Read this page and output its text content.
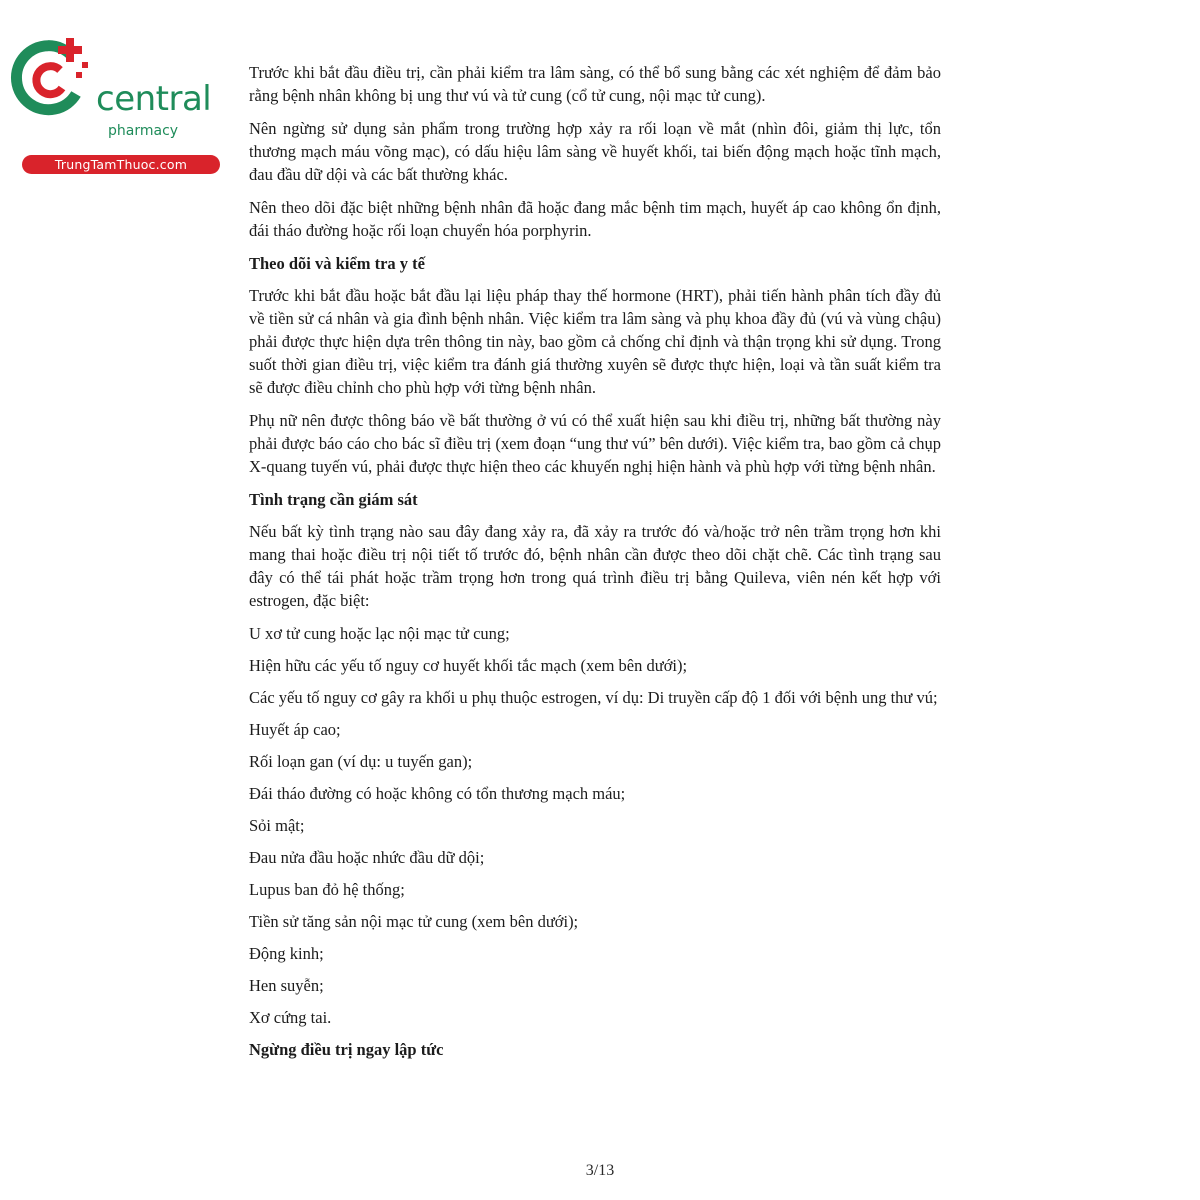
central
pharmacy
TrungTamThuoc.com

Trước khi bắt đầu điều trị, cần phải kiểm tra lâm sàng, có thể bổ sung bằng các xét nghiệm để đảm bảo rằng bệnh nhân không bị ung thư vú và tử cung (cổ tử cung, nội mạc tử cung).

Nên ngừng sử dụng sản phẩm trong trường hợp xảy ra rối loạn về mắt (nhìn đôi, giảm thị lực, tổn thương mạch máu võng mạc), có dấu hiệu lâm sàng về huyết khối, tai biến động mạch hoặc tĩnh mạch, đau đầu dữ dội và các bất thường khác.

Nên theo dõi đặc biệt những bệnh nhân đã hoặc đang mắc bệnh tim mạch, huyết áp cao không ổn định, đái tháo đường hoặc rối loạn chuyển hóa porphyrin.

Theo dõi và kiểm tra y tế

Trước khi bắt đầu hoặc bắt đầu lại liệu pháp thay thế hormone (HRT), phải tiến hành phân tích đầy đủ về tiền sử cá nhân và gia đình bệnh nhân. Việc kiểm tra lâm sàng và phụ khoa đầy đủ (vú và vùng chậu) phải được thực hiện dựa trên thông tin này, bao gồm cả chống chỉ định và thận trọng khi sử dụng. Trong suốt thời gian điều trị, việc kiểm tra đánh giá thường xuyên sẽ được thực hiện, loại và tần suất kiểm tra sẽ được điều chỉnh cho phù hợp với từng bệnh nhân.

Phụ nữ nên được thông báo về bất thường ở vú có thể xuất hiện sau khi điều trị, những bất thường này phải được báo cáo cho bác sĩ điều trị (xem đoạn “ung thư vú” bên dưới). Việc kiểm tra, bao gồm cả chụp X-quang tuyến vú, phải được thực hiện theo các khuyến nghị hiện hành và phù hợp với từng bệnh nhân.

Tình trạng cần giám sát

Nếu bất kỳ tình trạng nào sau đây đang xảy ra, đã xảy ra trước đó và/hoặc trở nên trầm trọng hơn khi mang thai hoặc điều trị nội tiết tố trước đó, bệnh nhân cần được theo dõi chặt chẽ. Các tình trạng sau đây có thể tái phát hoặc trầm trọng hơn trong quá trình điều trị bằng Quileva, viên nén kết hợp với estrogen, đặc biệt:

U xơ tử cung hoặc lạc nội mạc tử cung;

Hiện hữu các yếu tố nguy cơ huyết khối tắc mạch (xem bên dưới);

Các yếu tố nguy cơ gây ra khối u phụ thuộc estrogen, ví dụ: Di truyền cấp độ 1 đối với bệnh ung thư vú;

Huyết áp cao;

Rối loạn gan (ví dụ: u tuyến gan);

Đái tháo đường có hoặc không có tổn thương mạch máu;

Sỏi mật;

Đau nửa đầu hoặc nhức đầu dữ dội;

Lupus ban đỏ hệ thống;

Tiền sử tăng sản nội mạc tử cung (xem bên dưới);

Động kinh;

Hen suyễn;

Xơ cứng tai.

Ngừng điều trị ngay lập tức

3/13
